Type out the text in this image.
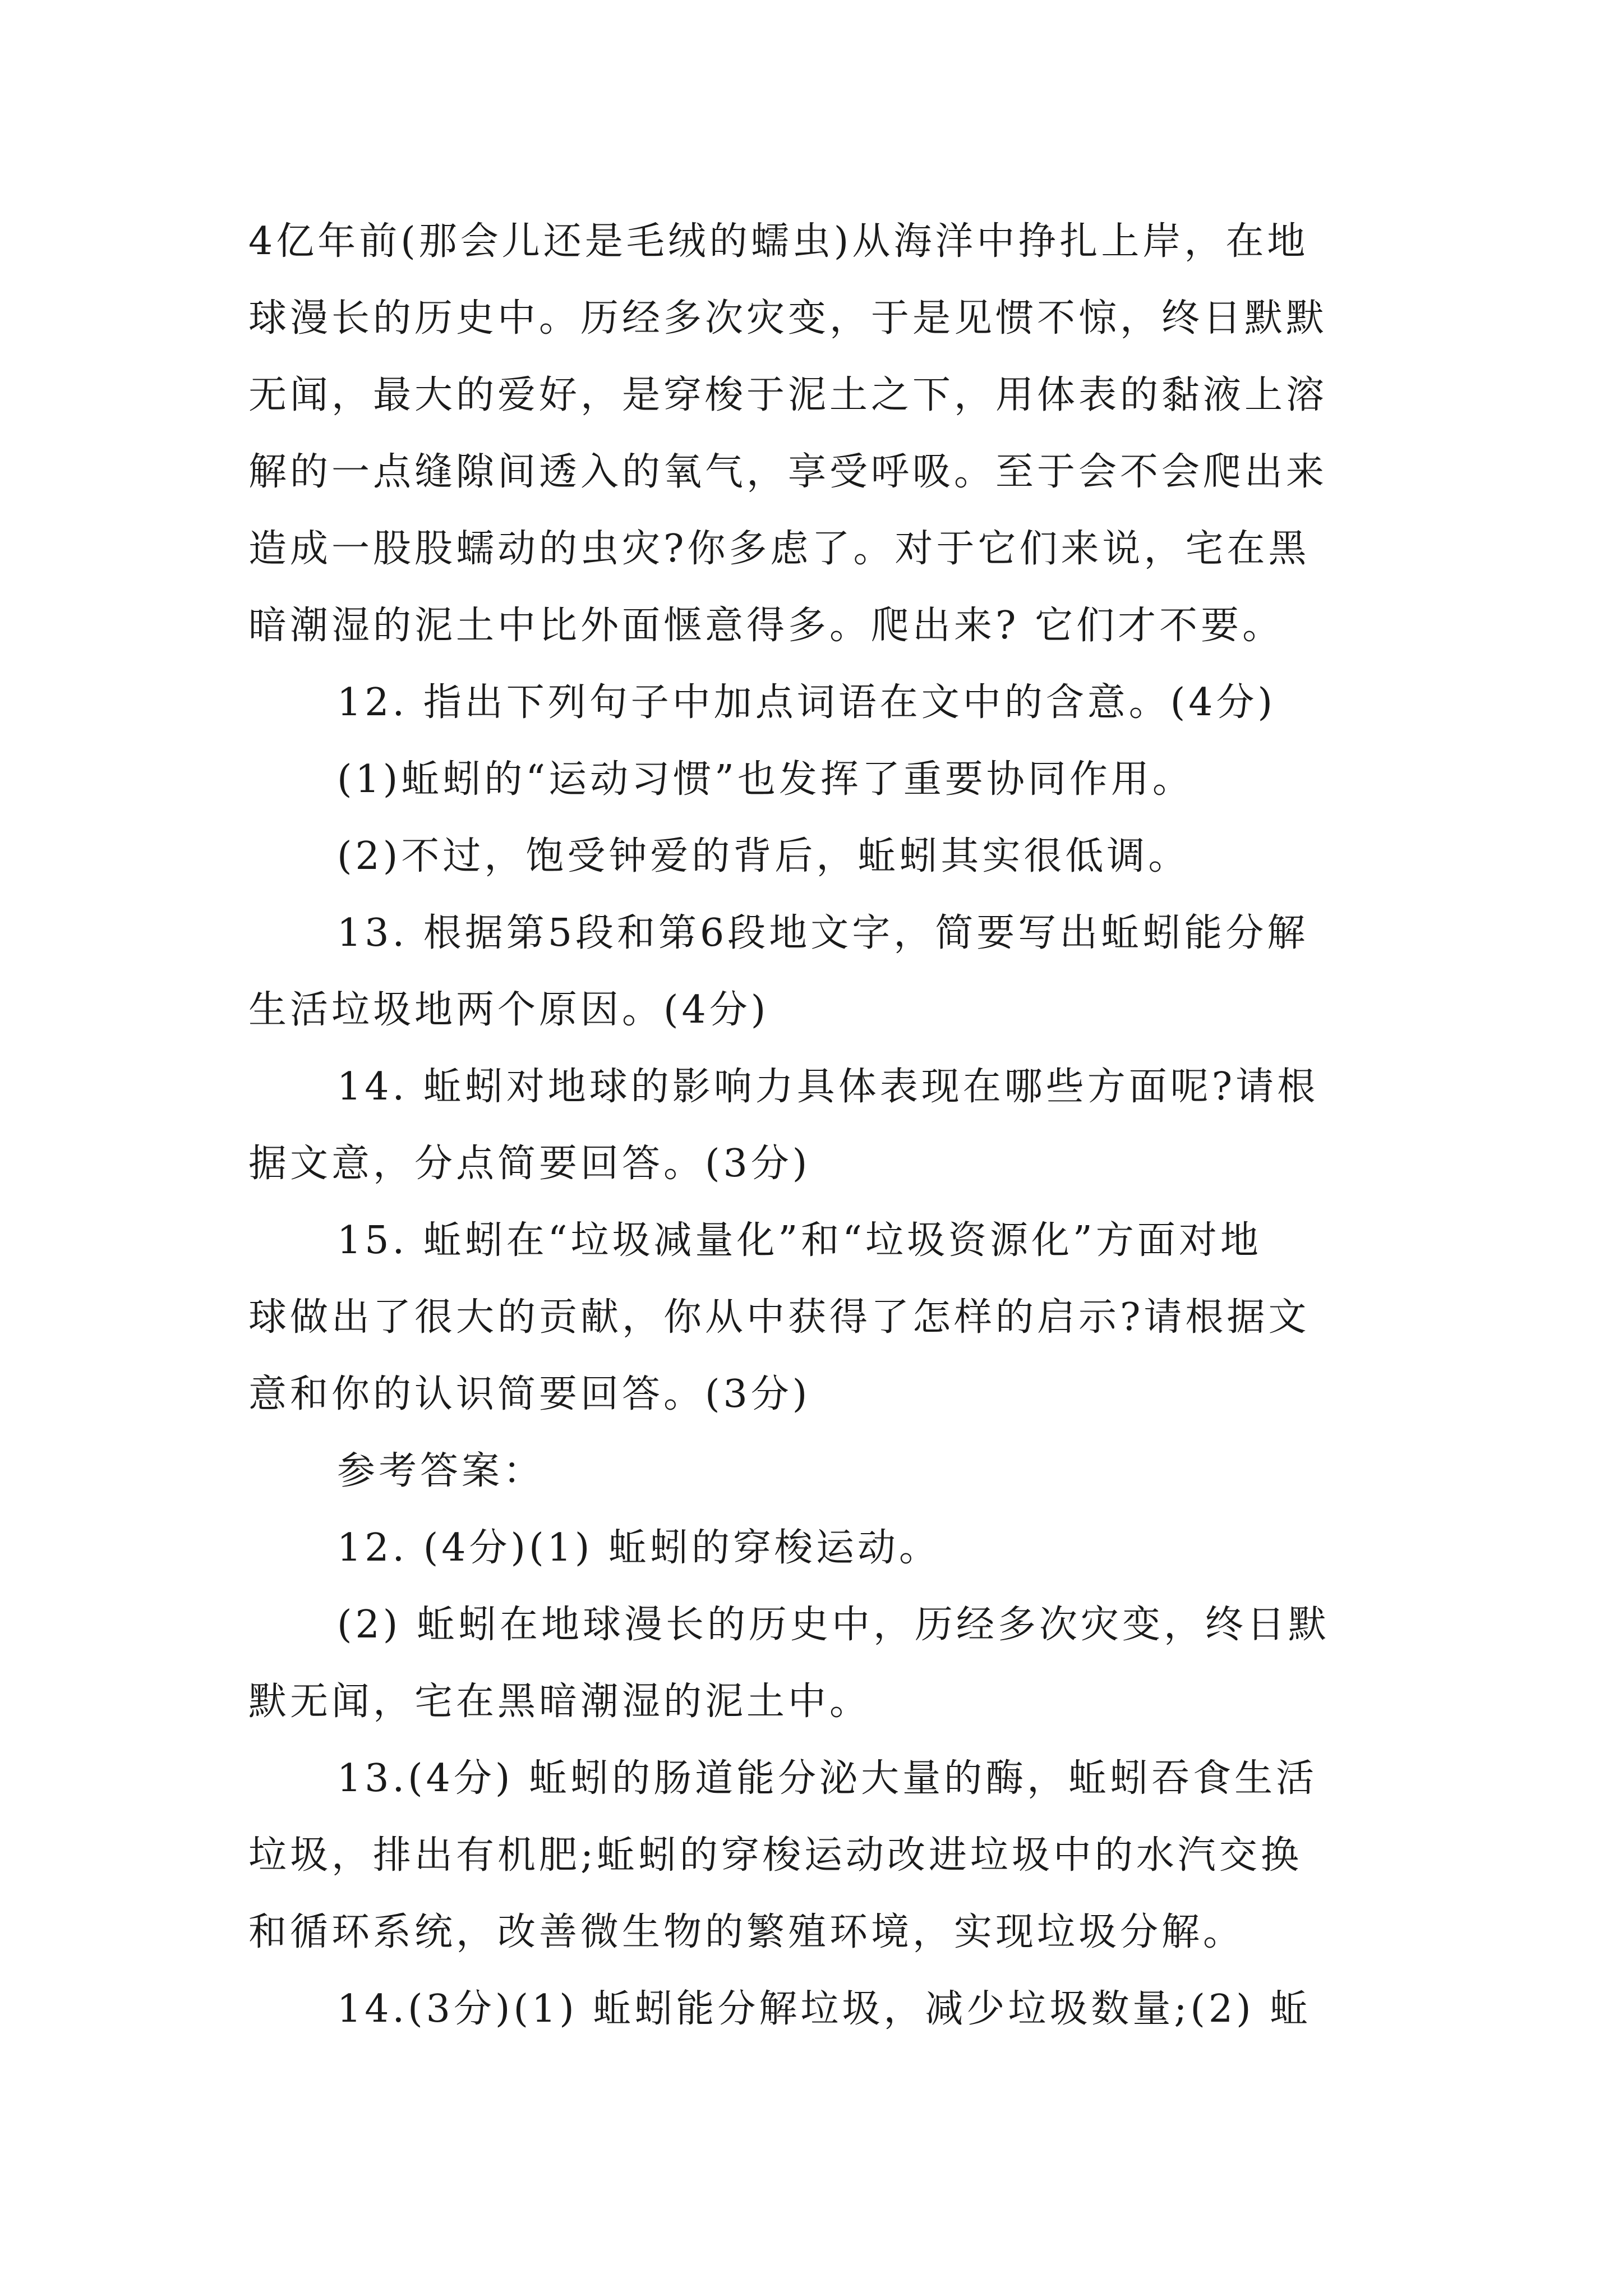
4亿年前(那会儿还是毛绒的蠕虫)从海洋中挣扎上岸，在地
球漫长的历史中。历经多次灾变，于是见惯不惊，终日默默
无闻，最大的爱好，是穿梭于泥土之下，用体表的黏液上溶
解的一点缝隙间透入的氧气，享受呼吸。至于会不会爬出来
造成一股股蠕动的虫灾?你多虑了。对于它们来说，宅在黑
暗潮湿的泥土中比外面惬意得多。爬出来? 它们才不要。
12. 指出下列句子中加点词语在文中的含意。(4分)
(1)蚯蚓的“运动习惯”也发挥了重要协同作用。
(2)不过，饱受钟爱的背后，蚯蚓其实很低调。
13. 根据第5段和第6段地文字，简要写出蚯蚓能分解
生活垃圾地两个原因。(4分)
14. 蚯蚓对地球的影响力具体表现在哪些方面呢?请根
据文意，分点简要回答。(3分)
15. 蚯蚓在“垃圾减量化”和“垃圾资源化”方面对地
球做出了很大的贡献，你从中获得了怎样的启示?请根据文
意和你的认识简要回答。(3分)
参考答案：
12. (4分)(1) 蚯蚓的穿梭运动。
(2) 蚯蚓在地球漫长的历史中，历经多次灾变，终日默
默无闻，宅在黑暗潮湿的泥土中。
13.(4分) 蚯蚓的肠道能分泌大量的酶，蚯蚓吞食生活
垃圾，排出有机肥;蚯蚓的穿梭运动改进垃圾中的水汽交换
和循环系统，改善微生物的繁殖环境，实现垃圾分解。
14.(3分)(1) 蚯蚓能分解垃圾，减少垃圾数量;(2) 蚯
